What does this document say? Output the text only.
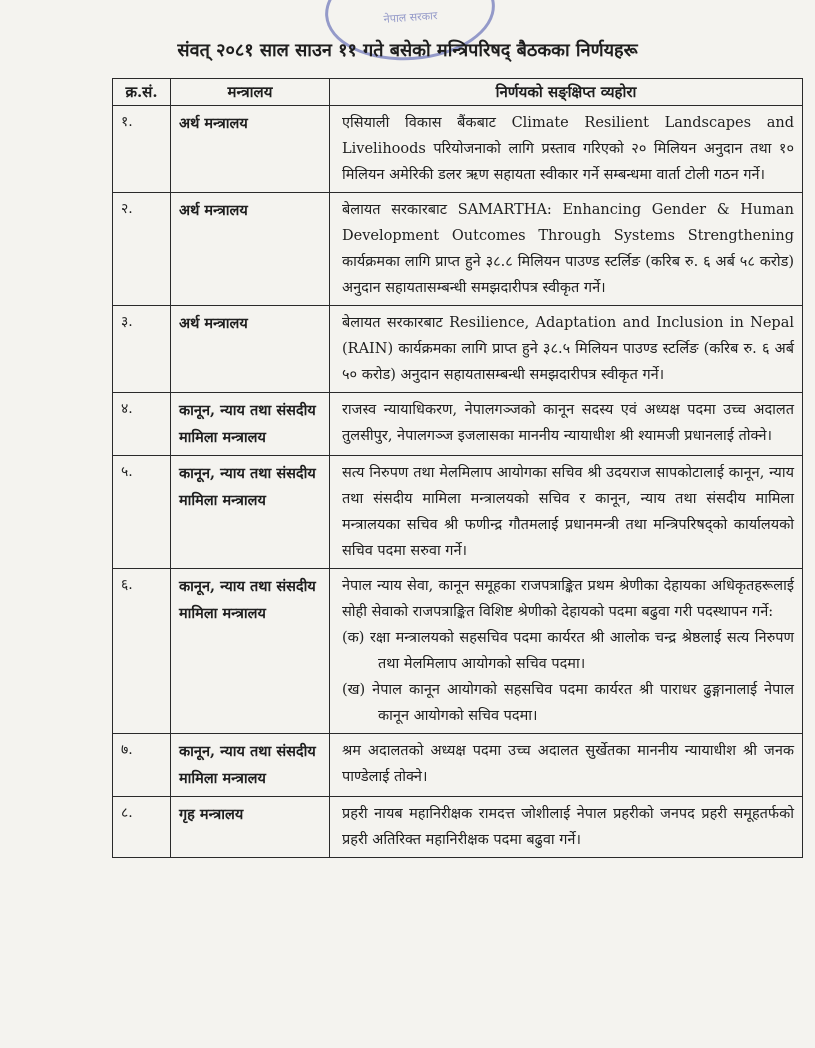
नेपाल सरकार
संवत् २०८१ साल साउन ११ गते बसेको मन्त्रिपरिषद् बैठकका निर्णयहरू
क्र.सं.	मन्त्रालय	निर्णयको सङ्क्षिप्त व्यहोरा
१.	अर्थ मन्त्रालय	एसियाली विकास बैंकबाट Climate Resilient Landscapes and Livelihoods परियोजनाको लागि प्रस्ताव गरिएको २० मिलियन अनुदान तथा १० मिलियन अमेरिकी डलर ऋण सहायता स्वीकार गर्ने सम्बन्धमा वार्ता टोली गठन गर्ने।
२.	अर्थ मन्त्रालय	बेलायत सरकारबाट SAMARTHA: Enhancing Gender & Human Development Outcomes Through Systems Strengthening कार्यक्रमका लागि प्राप्त हुने ३८.८ मिलियन पाउण्ड स्टर्लिङ (करिब रु. ६ अर्ब ५८ करोड) अनुदान सहायतासम्बन्धी समझदारीपत्र स्वीकृत गर्ने।
३.	अर्थ मन्त्रालय	बेलायत सरकारबाट Resilience, Adaptation and Inclusion in Nepal (RAIN) कार्यक्रमका लागि प्राप्त हुने ३८.५ मिलियन पाउण्ड स्टर्लिङ (करिब रु. ६ अर्ब ५० करोड) अनुदान सहायतासम्बन्धी समझदारीपत्र स्वीकृत गर्ने।
४.	कानून, न्याय तथा संसदीय मामिला मन्त्रालय	राजस्व न्यायाधिकरण, नेपालगञ्जको कानून सदस्य एवं अध्यक्ष पदमा उच्च अदालत तुलसीपुर, नेपालगञ्ज इजलासका माननीय न्यायाधीश श्री श्यामजी प्रधानलाई तोक्ने।
५.	कानून, न्याय तथा संसदीय मामिला मन्त्रालय	सत्य निरुपण तथा मेलमिलाप आयोगका सचिव श्री उदयराज सापकोटालाई कानून, न्याय तथा संसदीय मामिला मन्त्रालयको सचिव र कानून, न्याय तथा संसदीय मामिला मन्त्रालयका सचिव श्री फणीन्द्र गौतमलाई प्रधानमन्त्री तथा मन्त्रिपरिषद्को कार्यालयको सचिव पदमा सरुवा गर्ने।
६.	कानून, न्याय तथा संसदीय मामिला मन्त्रालय	नेपाल न्याय सेवा, कानून समूहका राजपत्राङ्कित प्रथम श्रेणीका देहायका अधिकृतहरूलाई सोही सेवाको राजपत्राङ्कित विशिष्ट श्रेणीको देहायको पदमा बढुवा गरी पदस्थापन गर्ने:
(क) रक्षा मन्त्रालयको सहसचिव पदमा कार्यरत श्री आलोक चन्द्र श्रेष्ठलाई सत्य निरुपण तथा मेलमिलाप आयोगको सचिव पदमा।
(ख) नेपाल कानून आयोगको सहसचिव पदमा कार्यरत श्री पाराधर ढुङ्गानालाई नेपाल कानून आयोगको सचिव पदमा।

७.	कानून, न्याय तथा संसदीय मामिला मन्त्रालय	श्रम अदालतको अध्यक्ष पदमा उच्च अदालत सुर्खेतका माननीय न्यायाधीश श्री जनक पाण्डेलाई तोक्ने।
८.	गृह मन्त्रालय	प्रहरी नायब महानिरीक्षक रामदत्त जोशीलाई नेपाल प्रहरीको जनपद प्रहरी समूहतर्फको प्रहरी अतिरिक्त महानिरीक्षक पदमा बढुवा गर्ने।
